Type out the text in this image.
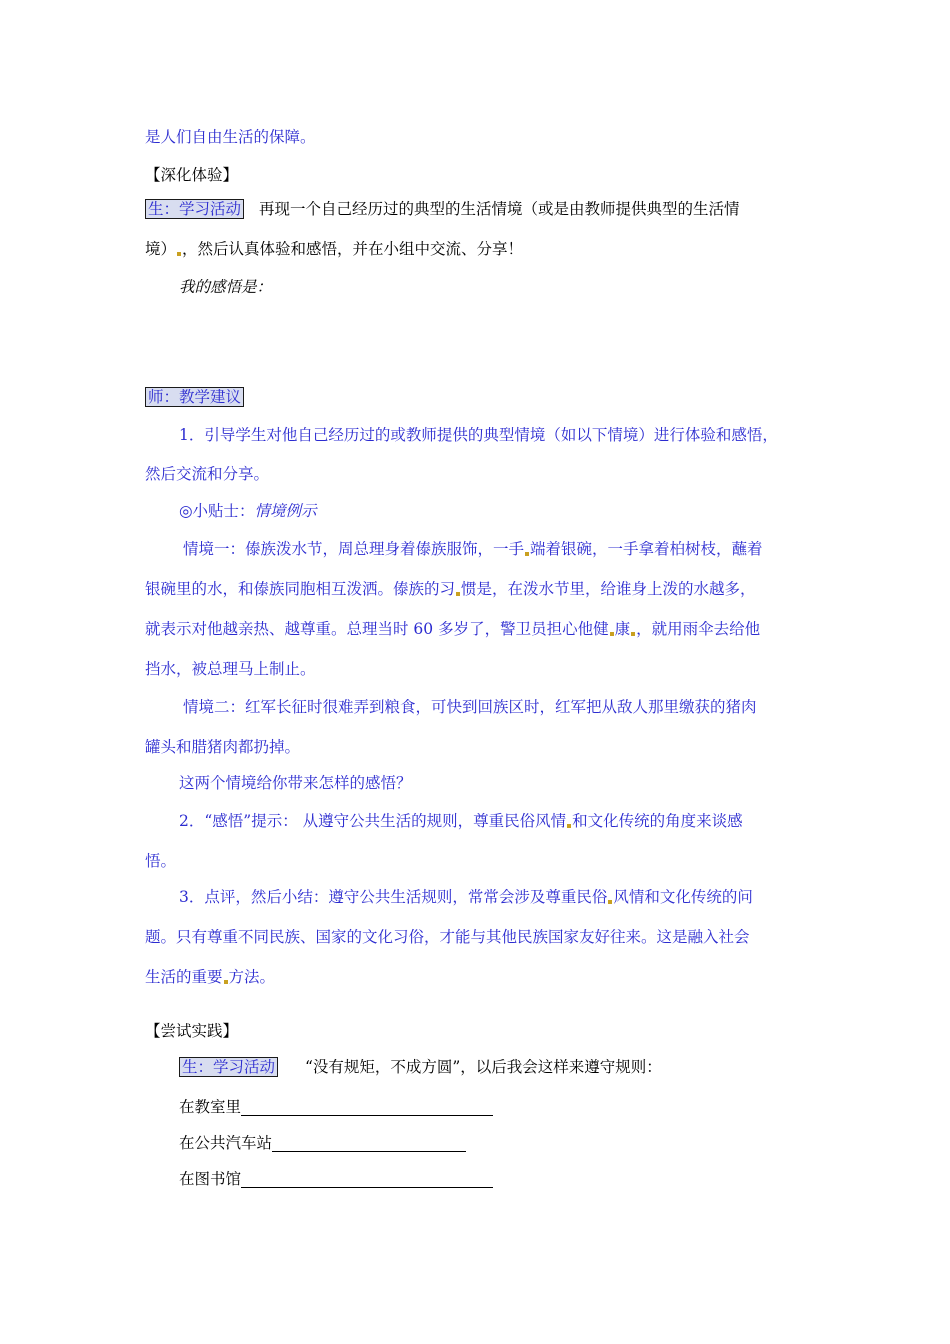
是人们自由生活的保障。
【深化体验】
生：学习活动 再现一个自己经历过的典型的生活情境（或是由教师提供典型的生活情
境） ，然后认真体验和感悟，并在小组中交流、分享！
我的感悟是：
师：教学建议
1．引导学生对他自己经历过的或教师提供的典型情境（如以下情境）进行体验和感悟，
然后交流和分享。
◎小贴士：情境例示
情境一：傣族泼水节，周总理身着傣族服饰，一手 端着银碗，一手拿着柏树枝，蘸着
银碗里的水，和傣族同胞相互泼洒。傣族的习 惯是，在泼水节里，给谁身上泼的水越多，
就表示对他越亲热、越尊重。总理当时 60 多岁了，警卫员担心他健 康 ，就用雨伞去给他
挡水，被总理马上制止。
情境二：红军长征时很难弄到粮食，可快到回族区时，红军把从敌人那里缴获的猪肉
罐头和腊猪肉都扔掉。
这两个情境给你带来怎样的感悟？
2．“感悟”提示： 从遵守公共生活的规则，尊重民俗风情 和文化传统的角度来谈感
悟。
3．点评，然后小结：遵守公共生活规则，常常会涉及尊重民俗 风情和文化传统的问
题。只有尊重不同民族、国家的文化习俗，才能与其他民族国家友好往来。这是融入社会
生活的重要 方法。
【尝试实践】
生：学习活动 “没有规矩，不成方圆”，以后我会这样来遵守规则：
在教室里
在公共汽车站
在图书馆
